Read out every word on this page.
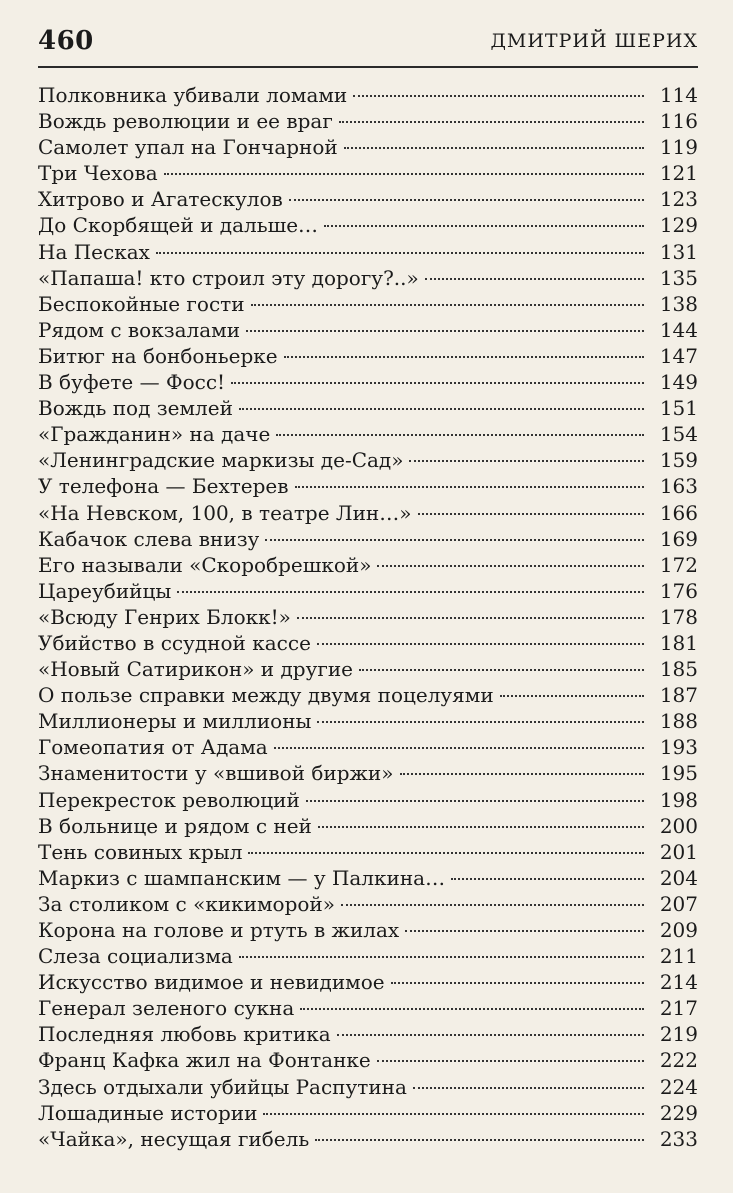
460	ДМИТРИЙ ШЕРИХ
Полковника убивали ломами	114
Вождь революции и ее враг	116
Самолет упал на Гончарной	119
Три Чехова	121
Хитрово и Агатескулов	123
До Скорбящей и дальше…	129
На Песках	131
«Папаша! кто строил эту дорогу?..»	135
Беспокойные гости	138
Рядом с вокзалами	144
Битюг на бонбоньерке	147
В буфете — Фосс!	149
Вождь под землей	151
«Гражданин» на даче	154
«Ленинградские маркизы де-Сад»	159
У телефона — Бехтерев	163
«На Невском, 100, в театре Лин…»	166
Кабачок слева внизу	169
Его называли «Скоробрешкой»	172
Цареубийцы	176
«Всюду Генрих Блокк!»	178
Убийство в ссудной кассе	181
«Новый Сатирикон» и другие	185
О пользе справки между двумя поцелуями	187
Миллионеры и миллионы	188
Гомеопатия от Адама	193
Знаменитости у «вшивой биржи»	195
Перекресток революций	198
В больнице и рядом с ней	200
Тень совиных крыл	201
Маркиз с шампанским — у Палкина…	204
За столиком с «кикиморой»	207
Корона на голове и ртуть в жилах	209
Слеза социализма	211
Искусство видимое и невидимое	214
Генерал зеленого сукна	217
Последняя любовь критика	219
Франц Кафка жил на Фонтанке	222
Здесь отдыхали убийцы Распутина	224
Лошадиные истории	229
«Чайка», несущая гибель	233
